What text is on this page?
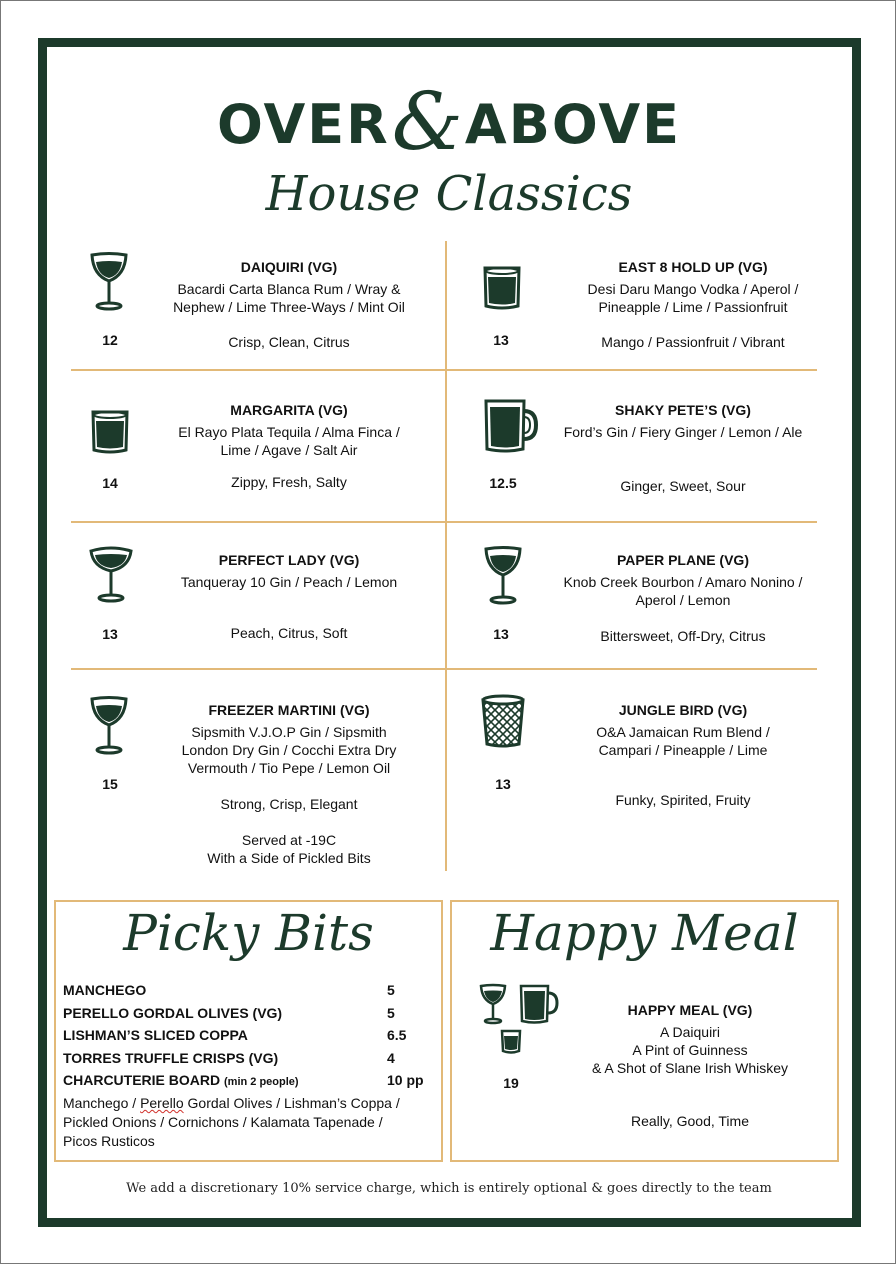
OVER&ABOVE
House Classics
12
DAIQUIRI (VG)
Bacardi Carta Blanca Rum / Wray &
Nephew / Lime Three-Ways / Mint Oil
Crisp, Clean, Citrus	13
EAST 8 HOLD UP (VG)
Desi Daru Mango Vodka / Aperol /
Pineapple / Lime / Passionfruit
Mango / Passionfruit / Vibrant
14
MARGARITA (VG)
El Rayo Plata Tequila / Alma Finca /
Lime / Agave / Salt Air
Zippy, Fresh, Salty	12.5
SHAKY PETE’S (VG)
Ford’s Gin / Fiery Ginger / Lemon / Ale
Ginger, Sweet, Sour
13
PERFECT LADY (VG)
Tanqueray 10 Gin / Peach / Lemon
Peach, Citrus, Soft	13
PAPER PLANE (VG)
Knob Creek Bourbon / Amaro Nonino /
Aperol / Lemon
Bittersweet, Off-Dry, Citrus
15
FREEZER MARTINI (VG)
Sipsmith V.J.O.P Gin / Sipsmith
London Dry Gin / Cocchi Extra Dry
Vermouth / Tio Pepe / Lemon Oil
Strong, Crisp, Elegant
Served at -19C
With a Side of Pickled Bits
13
JUNGLE BIRD (VG)
O&A Jamaican Rum Blend /
Campari / Pineapple / Lime
Funky, Spirited, Fruity
Picky Bits
MANCHEGO	5
PERELLO GORDAL OLIVES (VG)	5
LISHMAN’S SLICED COPPA	6.5
TORRES TRUFFLE CRISPS (VG)	4
CHARCUTERIE BOARD (min 2 people)	10 pp
Manchego / Perello Gordal Olives / Lishman’s Coppa /
Pickled Onions / Cornichons / Kalamata Tapenade /
Picos Rusticos
Happy Meal
19
HAPPY MEAL (VG)
A Daiquiri
A Pint of Guinness
& A Shot of Slane Irish Whiskey
Really, Good, Time
We add a discretionary 10% service charge, which is entirely optional & goes directly to the team
